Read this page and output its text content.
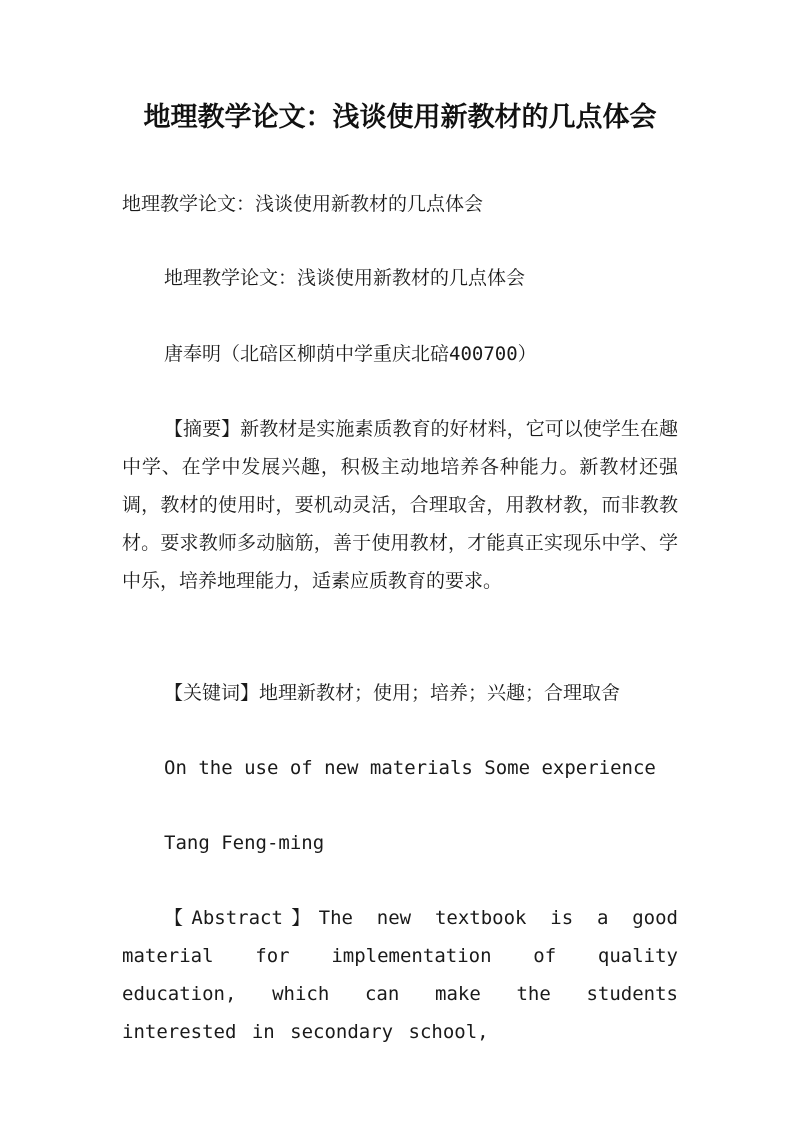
地理教学论文：浅谈使用新教材的几点体会

地理教学论文：浅谈使用新教材的几点体会

地理教学论文：浅谈使用新教材的几点体会

唐奉明（北碚区柳荫中学重庆北碚400700）

【摘要】新教材是实施素质教育的好材料，它可以使学生在趣中学、在学中发展兴趣，积极主动地培养各种能力。新教材还强调，教材的使用时，要机动灵活，合理取舍，用教材教，而非教教材。要求教师多动脑筋，善于使用教材，才能真正实现乐中学、学中乐，培养地理能力，适素应质教育的要求。

【关键词】地理新教材；使用；培养；兴趣；合理取舍

On the use of new materials Some experience

Tang Feng-ming

【Abstract】The new textbook is a good material for implementation of quality education, which can make the students interested in secondary school,
